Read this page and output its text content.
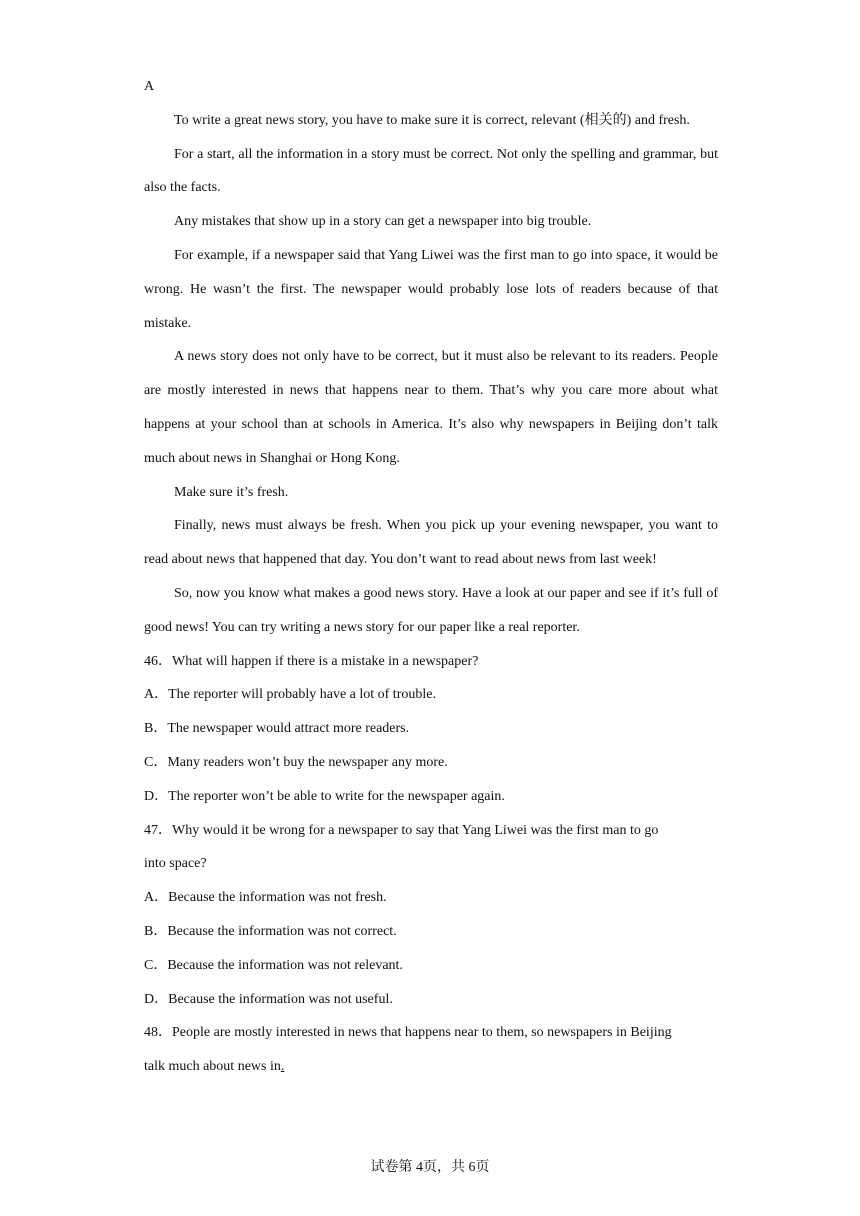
A

To write a great news story, you have to make sure it is correct, relevant (相关的) and fresh.

For a start, all the information in a story must be correct. Not only the spelling and grammar, but also the facts.

Any mistakes that show up in a story can get a newspaper into big trouble.

For example, if a newspaper said that Yang Liwei was the first man to go into space, it would be wrong. He wasn’t the first. The newspaper would probably lose lots of readers because of that mistake.

A news story does not only have to be correct, but it must also be relevant to its readers. People are mostly interested in news that happens near to them. That’s why you care more about what happens at your school than at schools in America. It’s also why newspapers in Beijing don’t talk much about news in Shanghai or Hong Kong.

Make sure it’s fresh.

Finally, news must always be fresh. When you pick up your evening newspaper, you want to read about news that happened that day. You don’t want to read about news from last week!

So, now you know what makes a good news story. Have a look at our paper and see if it’s full of good news! You can try writing a news story for our paper like a real reporter.

46．What will happen if there is a mistake in a newspaper?

A．The reporter will probably have a lot of trouble.

B．The newspaper would attract more readers.

C．Many readers won’t buy the newspaper any more.

D．The reporter won’t be able to write for the newspaper again.

47．Why would it be wrong for a newspaper to say that Yang Liwei was the first man to go

into space?

A．Because the information was not fresh.

B．Because the information was not correct.

C．Because the information was not relevant.

D．Because the information was not useful.

48．People are mostly interested in news that happens near to them, so newspapers in Beijing

talk much about news in.

试卷第 4页，共 6页
